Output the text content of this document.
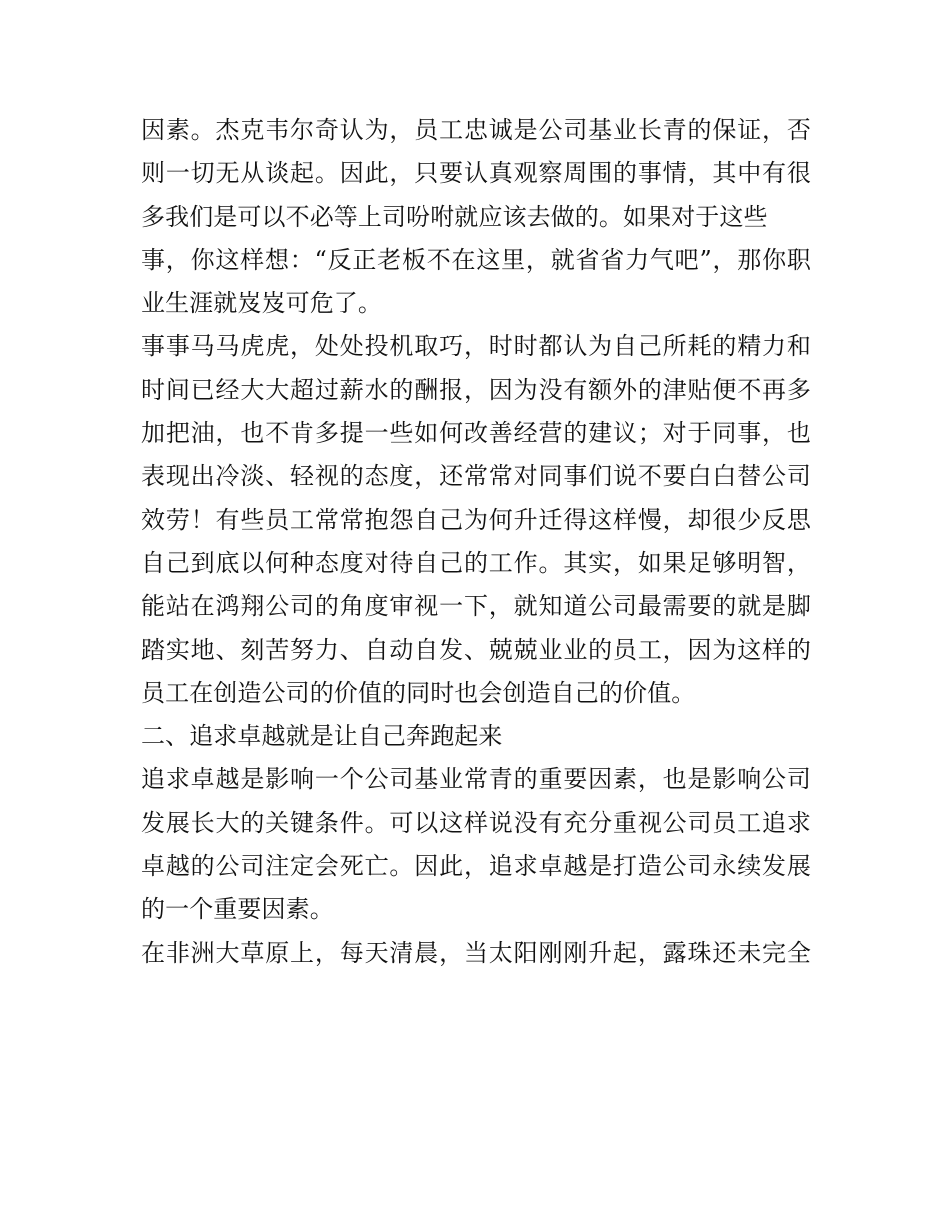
因素。杰克韦尔奇认为，员工忠诚是公司基业长青的保证，否
则一切无从谈起。因此，只要认真观察周围的事情，其中有很
多我们是可以不必等上司吩咐就应该去做的。如果对于这些
事，你这样想：“反正老板不在这里，就省省力气吧”，那你职
业生涯就岌岌可危了。
事事马马虎虎，处处投机取巧，时时都认为自己所耗的精力和
时间已经大大超过薪水的酬报，因为没有额外的津贴便不再多
加把油，也不肯多提一些如何改善经营的建议；对于同事，也
表现出冷淡、轻视的态度，还常常对同事们说不要白白替公司
效劳！有些员工常常抱怨自己为何升迁得这样慢，却很少反思
自己到底以何种态度对待自己的工作。其实，如果足够明智，
能站在鸿翔公司的角度审视一下，就知道公司最需要的就是脚
踏实地、刻苦努力、自动自发、兢兢业业的员工，因为这样的
员工在创造公司的价值的同时也会创造自己的价值。
二、追求卓越就是让自己奔跑起来
追求卓越是影响一个公司基业常青的重要因素，也是影响公司
发展长大的关键条件。可以这样说没有充分重视公司员工追求
卓越的公司注定会死亡。因此，追求卓越是打造公司永续发展
的一个重要因素。
在非洲大草原上，每天清晨，当太阳刚刚升起，露珠还未完全
